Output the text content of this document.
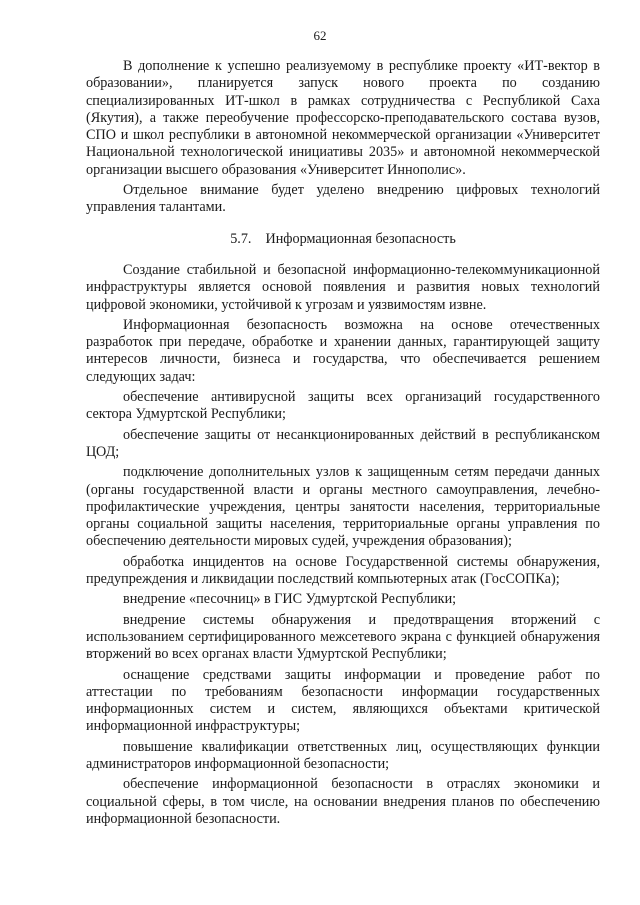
62

В дополнение к успешно реализуемому в республике проекту «ИТ-вектор в образовании», планируется запуск нового проекта по созданию специализированных ИТ-школ в рамках сотрудничества с Республикой Саха (Якутия), а также переобучение профессорско-преподавательского состава вузов, СПО и школ республики в автономной некоммерческой организации «Университет Национальной технологической инициативы 2035» и автономной некоммерческой организации высшего образования «Университет Иннополис».

Отдельное внимание будет уделено внедрению цифровых технологий управления талантами.

5.7. Информационная безопасность

Создание стабильной и безопасной информационно-телекоммуникационной инфраструктуры является основой появления и развития новых технологий цифровой экономики, устойчивой к угрозам и уязвимостям извне.

Информационная безопасность возможна на основе отечественных разработок при передаче, обработке и хранении данных, гарантирующей защиту интересов личности, бизнеса и государства, что обеспечивается решением следующих задач:

обеспечение антивирусной защиты всех организаций государственного сектора Удмуртской Республики;

обеспечение защиты от несанкционированных действий в республиканском ЦОД;

подключение дополнительных узлов к защищенным сетям передачи данных (органы государственной власти и органы местного самоуправления, лечебно-профилактические учреждения, центры занятости населения, территориальные органы социальной защиты населения, территориальные органы управления по обеспечению деятельности мировых судей, учреждения образования);

обработка инцидентов на основе Государственной системы обнаружения, предупреждения и ликвидации последствий компьютерных атак (ГосСОПКа);

внедрение «песочниц» в ГИС Удмуртской Республики;

внедрение системы обнаружения и предотвращения вторжений с использованием сертифицированного межсетевого экрана с функцией обнаружения вторжений во всех органах власти Удмуртской Республики;

оснащение средствами защиты информации и проведение работ по аттестации по требованиям безопасности информации государственных информационных систем и систем, являющихся объектами критической информационной инфраструктуры;

повышение квалификации ответственных лиц, осуществляющих функции администраторов информационной безопасности;

обеспечение информационной безопасности в отраслях экономики и социальной сферы, в том числе, на основании внедрения планов по обеспечению информационной безопасности.
